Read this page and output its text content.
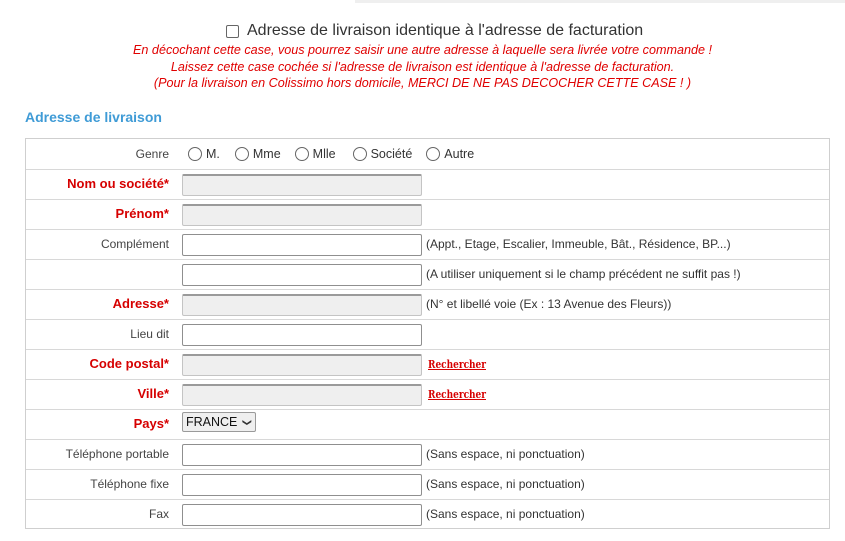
Adresse de livraison identique à l'adresse de facturation
En décochant cette case, vous pourrez saisir une autre adresse à laquelle sera livrée votre commande !
Laissez cette case cochée si l'adresse de livraison est identique à l'adresse de facturation.
(Pour la livraison en Colissimo hors domicile, MERCI DE NE PAS DECOCHER CETTE CASE ! )
Adresse de livraison
Genre	M.	Mme	Mlle	Société	Autre
Nom ou société*
Prénom*
Complément	(Appt., Etage, Escalier, Immeuble, Bât., Résidence, BP...)
(A utiliser uniquement si le champ précédent ne suffit pas !)
Adresse*	(N° et libellé voie (Ex : 13 Avenue des Fleurs))
Lieu dit
Code postal*	Rechercher
Ville*	Rechercher
Pays* FRANCE ❯
Téléphone portable	(Sans espace, ni ponctuation)
Téléphone fixe	(Sans espace, ni ponctuation)
Fax	(Sans espace, ni ponctuation)
